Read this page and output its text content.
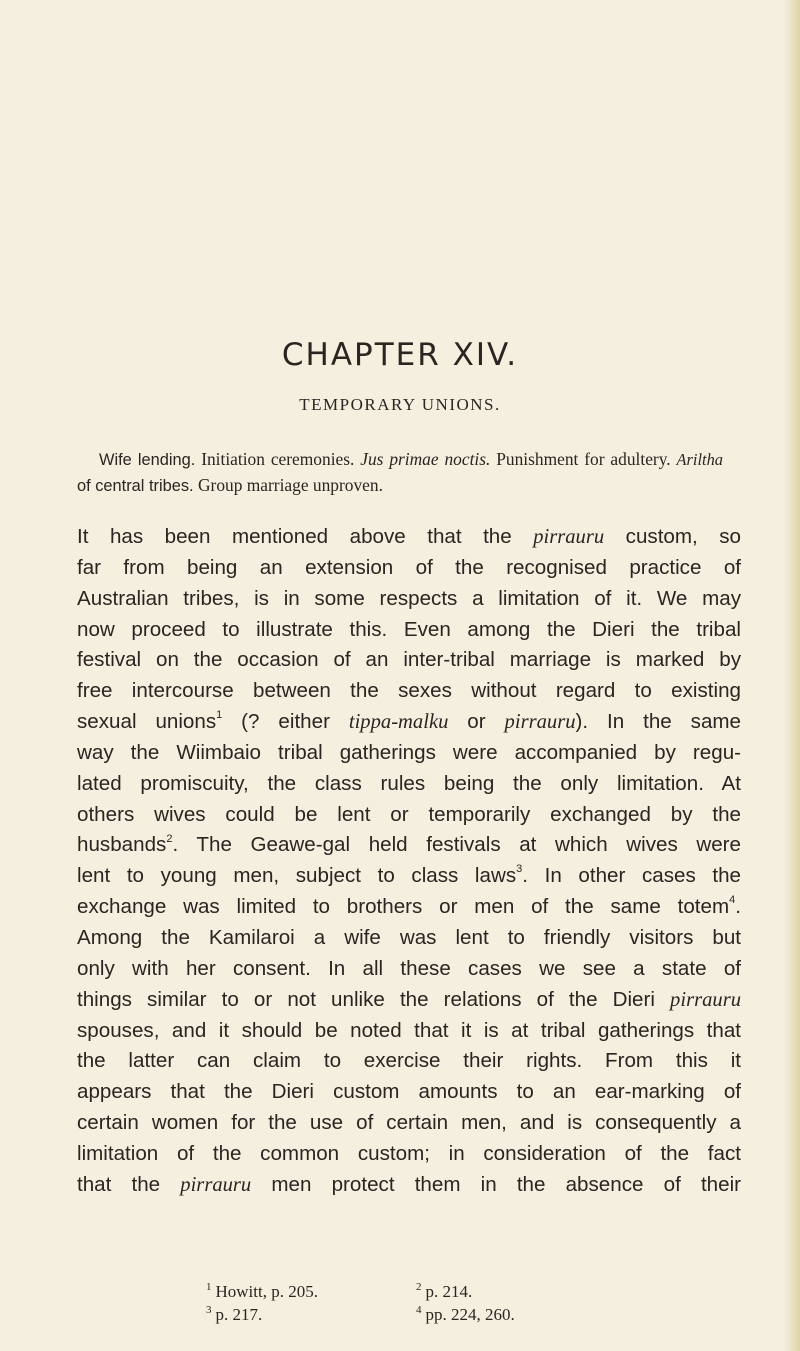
CHAPTER XIV.
TEMPORARY UNIONS.
Wife lending. Initiation ceremonies. Jus primae noctis. Punishment for adultery. Ariltha of central tribes. Group marriage unproven.
It has been mentioned above that the pirrauru custom, so
far from being an extension of the recognised practice of
Australian tribes, is in some respects a limitation of it. We may
now proceed to illustrate this. Even among the Dieri the tribal
festival on the occasion of an inter-tribal marriage is marked by
free intercourse between the sexes without regard to existing
sexual unions$^1$ (? either tippa-malku or pirrauru). In the same
way the Wiimbaio tribal gatherings were accompanied by regu-
lated promiscuity, the class rules being the only limitation. At
others wives could be lent or temporarily exchanged by the
husbands$^2$. The Geawe-gal held festivals at which wives were
lent to young men, subject to class laws$^3$. In other cases the
exchange was limited to brothers or men of the same totem$^4$.
Among the Kamilaroi a wife was lent to friendly visitors but
only with her consent. In all these cases we see a state of
things similar to or not unlike the relations of the Dieri pirrauru
spouses, and it should be noted that it is at tribal gatherings that
the latter can claim to exercise their rights. From this it
appears that the Dieri custom amounts to an ear-marking of
certain women for the use of certain men, and is consequently a
limitation of the common custom; in consideration of the fact
that the pirrauru men protect them in the absence of their
$^1$ Howitt, p. 205.	$^2$ p. 214.
$^3$ p. 217.	$^4$ pp. 224, 260.
